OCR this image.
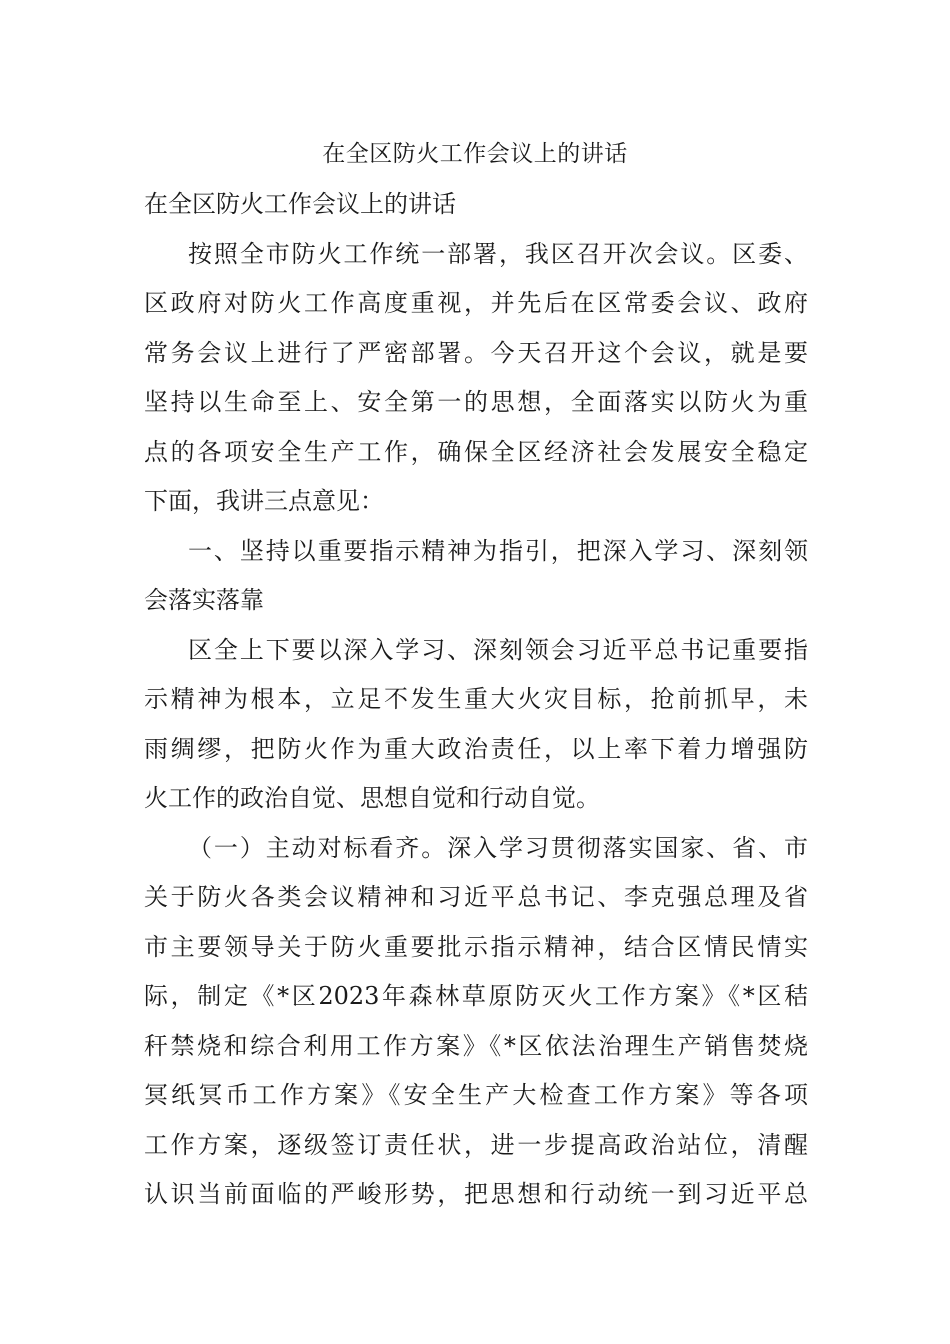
在全区防火工作会议上的讲话
在全区防火工作会议上的讲话
按照全市防火工作统一部署，我区召开次会议。区委、
区政府对防火工作高度重视，并先后在区常委会议、政府
常务会议上进行了严密部署。今天召开这个会议，就是要
坚持以生命至上、安全第一的思想，全面落实以防火为重
点的各项安全生产工作，确保全区经济社会发展安全稳定
下面，我讲三点意见：
一、坚持以重要指示精神为指引，把深入学习、深刻领
会落实落靠
区全上下要以深入学习、深刻领会习近平总书记重要指
示精神为根本，立足不发生重大火灾目标，抢前抓早，未
雨绸缪，把防火作为重大政治责任，以上率下着力增强防
火工作的政治自觉、思想自觉和行动自觉。
（一）主动对标看齐。深入学习贯彻落实国家、省、市
关于防火各类会议精神和习近平总书记、李克强总理及省
市主要领导关于防火重要批示指示精神，结合区情民情实
际，制定《*区2023年森林草原防灭火工作方案》《*区秸
秆禁烧和综合利用工作方案》《*区依法治理生产销售焚烧
冥纸冥币工作方案》《安全生产大检查工作方案》等各项
工作方案，逐级签订责任状，进一步提高政治站位，清醒
认识当前面临的严峻形势，把思想和行动统一到习近平总
